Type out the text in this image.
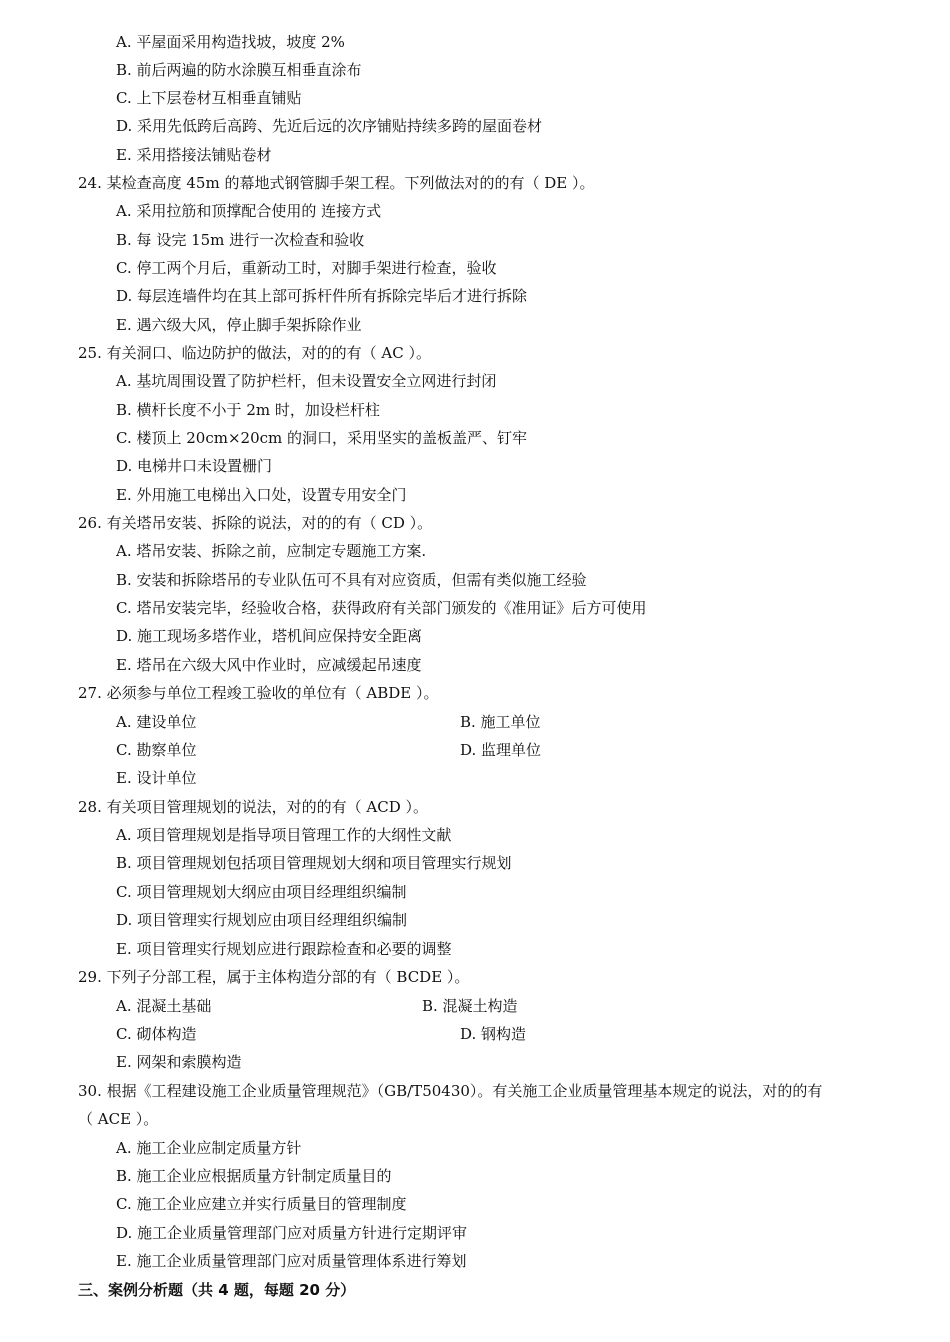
A. 平屋面采用构造找坡，坡度 2%
B. 前后两遍的防水涂膜互相垂直涂布
C. 上下层卷材互相垂直铺贴
D. 采用先低跨后高跨、先近后远的次序铺贴持续多跨的屋面卷材
E. 采用搭接法铺贴卷材
24. 某检查高度 45m 的幕地式钢管脚手架工程。下列做法对的的有（ DE ）。
A. 采用拉筋和顶撑配合使用的 连接方式
B. 每 设完 15m 进行一次检查和验收
C. 停工两个月后，重新动工时，对脚手架进行检查，验收
D. 每层连墙件均在其上部可拆杆件所有拆除完毕后才进行拆除
E. 遇六级大风，停止脚手架拆除作业
25. 有关洞口、临边防护的做法，对的的有（ AC ）。
A. 基坑周围设置了防护栏杆，但未设置安全立网进行封闭
B. 横杆长度不小于 2m 时，加设栏杆柱
C. 楼顶上 20cm×20cm 的洞口，采用坚实的盖板盖严、钉牢
D. 电梯井口未设置栅门
E. 外用施工电梯出入口处，设置专用安全门
26. 有关塔吊安装、拆除的说法，对的的有（ CD ）。
A. 塔吊安装、拆除之前，应制定专题施工方案.
B. 安装和拆除塔吊的专业队伍可不具有对应资质，但需有类似施工经验
C. 塔吊安装完毕，经验收合格，获得政府有关部门颁发的《准用证》后方可使用
D. 施工现场多塔作业，塔机间应保持安全距离
E. 塔吊在六级大风中作业时，应减缓起吊速度
27. 必须参与单位工程竣工验收的单位有（ ABDE ）。
A. 建设单位	B. 施工单位
C. 勘察单位	D. 监理单位
E. 设计单位
28. 有关项目管理规划的说法，对的的有（ ACD ）。
A. 项目管理规划是指导项目管理工作的大纲性文献
B. 项目管理规划包括项目管理规划大纲和项目管理实行规划
C. 项目管理规划大纲应由项目经理组织编制
D. 项目管理实行规划应由项目经理组织编制
E. 项目管理实行规划应进行跟踪检查和必要的调整
29. 下列子分部工程，属于主体构造分部的有（ BCDE ）。
A. 混凝土基础	B. 混凝土构造
C. 砌体构造	D. 钢构造
E. 网架和索膜构造
30. 根据《工程建设施工企业质量管理规范》（GB/T50430）。有关施工企业质量管理基本规定的说法，对的的有
（ ACE ）。
A. 施工企业应制定质量方针
B. 施工企业应根据质量方针制定质量目的
C. 施工企业应建立并实行质量目的管理制度
D. 施工企业质量管理部门应对质量方针进行定期评审
E. 施工企业质量管理部门应对质量管理体系进行筹划
三、案例分析题（共 4 题，每题 20 分）
